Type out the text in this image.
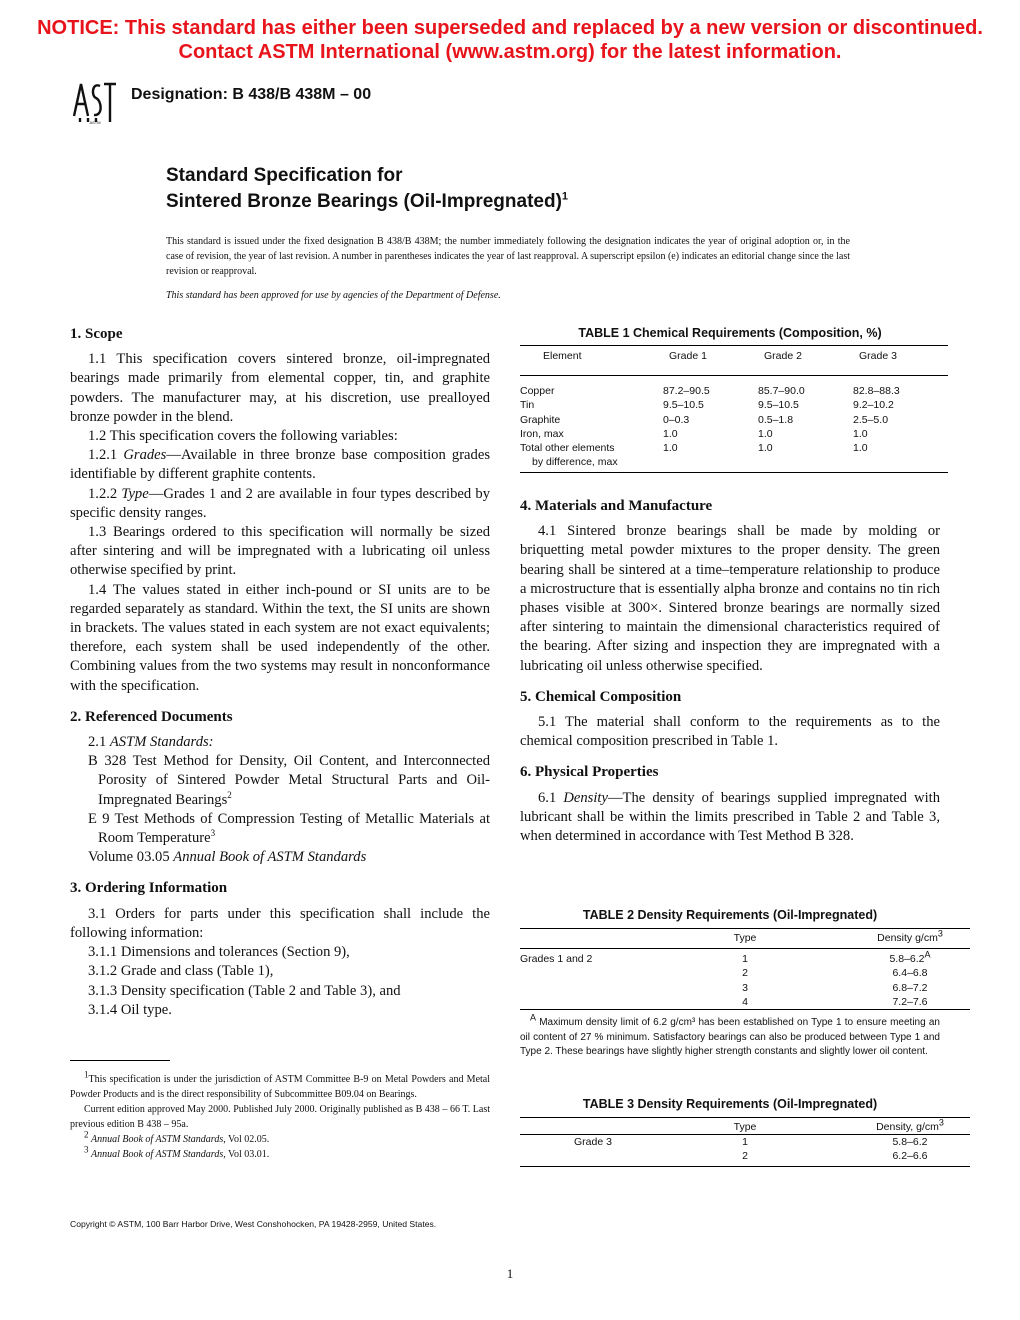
NOTICE: This standard has either been superseded and replaced by a new version or discontinued.
Contact ASTM International (www.astm.org) for the latest information.
ASTM
Designation: B 438/B 438M – 00
Standard Specification for
Sintered Bronze Bearings (Oil-Impregnated)$^1$
This standard is issued under the fixed designation B 438/B 438M; the number immediately following the designation indicates the year of original adoption or, in the case of revision, the year of last revision. A number in parentheses indicates the year of last reapproval. A superscript epsilon (e) indicates an editorial change since the last revision or reapproval.
This standard has been approved for use by agencies of the Department of Defense.

1. Scope

1.1 This specification covers sintered bronze, oil-impregnated bearings made primarily from elemental copper, tin, and graphite powders. The manufacturer may, at his discretion, use prealloyed bronze powder in the blend.

1.2 This specification covers the following variables:

1.2.1 Grades—Available in three bronze base composition grades identifiable by different graphite contents.

1.2.2 Type—Grades 1 and 2 are available in four types described by specific density ranges.

1.3 Bearings ordered to this specification will normally be sized after sintering and will be impregnated with a lubricating oil unless otherwise specified by print.

1.4 The values stated in either inch-pound or SI units are to be regarded separately as standard. Within the text, the SI units are shown in brackets. The values stated in each system are not exact equivalents; therefore, each system shall be used independently of the other. Combining values from the two systems may result in nonconformance with the specification.

2. Referenced Documents

2.1 ASTM Standards:

B 328 Test Method for Density, Oil Content, and Interconnected Porosity of Sintered Powder Metal Structural Parts and Oil-Impregnated Bearings$^2$

E 9 Test Methods of Compression Testing of Metallic Materials at Room Temperature$^3$

Volume 03.05 Annual Book of ASTM Standards

3. Ordering Information

3.1 Orders for parts under this specification shall include the following information:

3.1.1 Dimensions and tolerances (Section 9),

3.1.2 Grade and class (Table 1),

3.1.3 Density specification (Table 2 and Table 3), and

3.1.4 Oil type.

$^1$This specification is under the jurisdiction of ASTM Committee B-9 on Metal Powders and Metal Powder Products and is the direct responsibility of Subcommittee B09.04 on Bearings.

Current edition approved May 2000. Published July 2000. Originally published as B 438 – 66 T. Last previous edition B 438 – 95a.

$^2$ Annual Book of ASTM Standards, Vol 02.05.

$^3$ Annual Book of ASTM Standards, Vol 03.01.

TABLE 1 Chemical Requirements (Composition, %)
Element	Grade 1	Grade 2	Grade 3
Copper	87.2–90.5	85.7–90.0	82.8–88.3
Tin	9.5–10.5	9.5–10.5	9.2–10.2
Graphite	0–0.3	0.5–1.8	2.5–5.0
Iron, max	1.0	1.0	1.0

Total other elements
by difference, max	1.0	1.0	1.0

4. Materials and Manufacture

4.1 Sintered bronze bearings shall be made by molding or briquetting metal powder mixtures to the proper density. The green bearing shall be sintered at a time–temperature relationship to produce a microstructure that is essentially alpha bronze and contains no tin rich phases visible at 300×. Sintered bronze bearings are normally sized after sintering to maintain the dimensional characteristics required of the bearing. After sizing and inspection they are impregnated with a lubricating oil unless otherwise specified.

5. Chemical Composition

5.1 The material shall conform to the requirements as to the chemical composition prescribed in Table 1.

6. Physical Properties

6.1 Density—The density of bearings supplied impregnated with lubricant shall be within the limits prescribed in Table 2 and Table 3, when determined in accordance with Test Method B 328.

TABLE 2 Density Requirements (Oil-Impregnated)
	Type	Density $g/cm^3$
Grades 1 and 2	1	$5.8-6.2^A$
	2	6.4–6.8
	3	6.8–7.2
	4	7.2–7.6
$^A$ Maximum density limit of 6.2 g/cm³ has been established on Type 1 to ensure meeting an oil content of 27 % minimum. Satisfactory bearings can also be produced between Type 1 and Type 2. These bearings have slightly higher strength constants and slightly lower oil content.
TABLE 3 Density Requirements (Oil-Impregnated)
	Type	Density, $g/cm^3$
Grade 3	1	5.8–6.2
	2	6.2–6.6
Copyright © ASTM, 100 Barr Harbor Drive, West Conshohocken, PA 19428-2959, United States.
1
